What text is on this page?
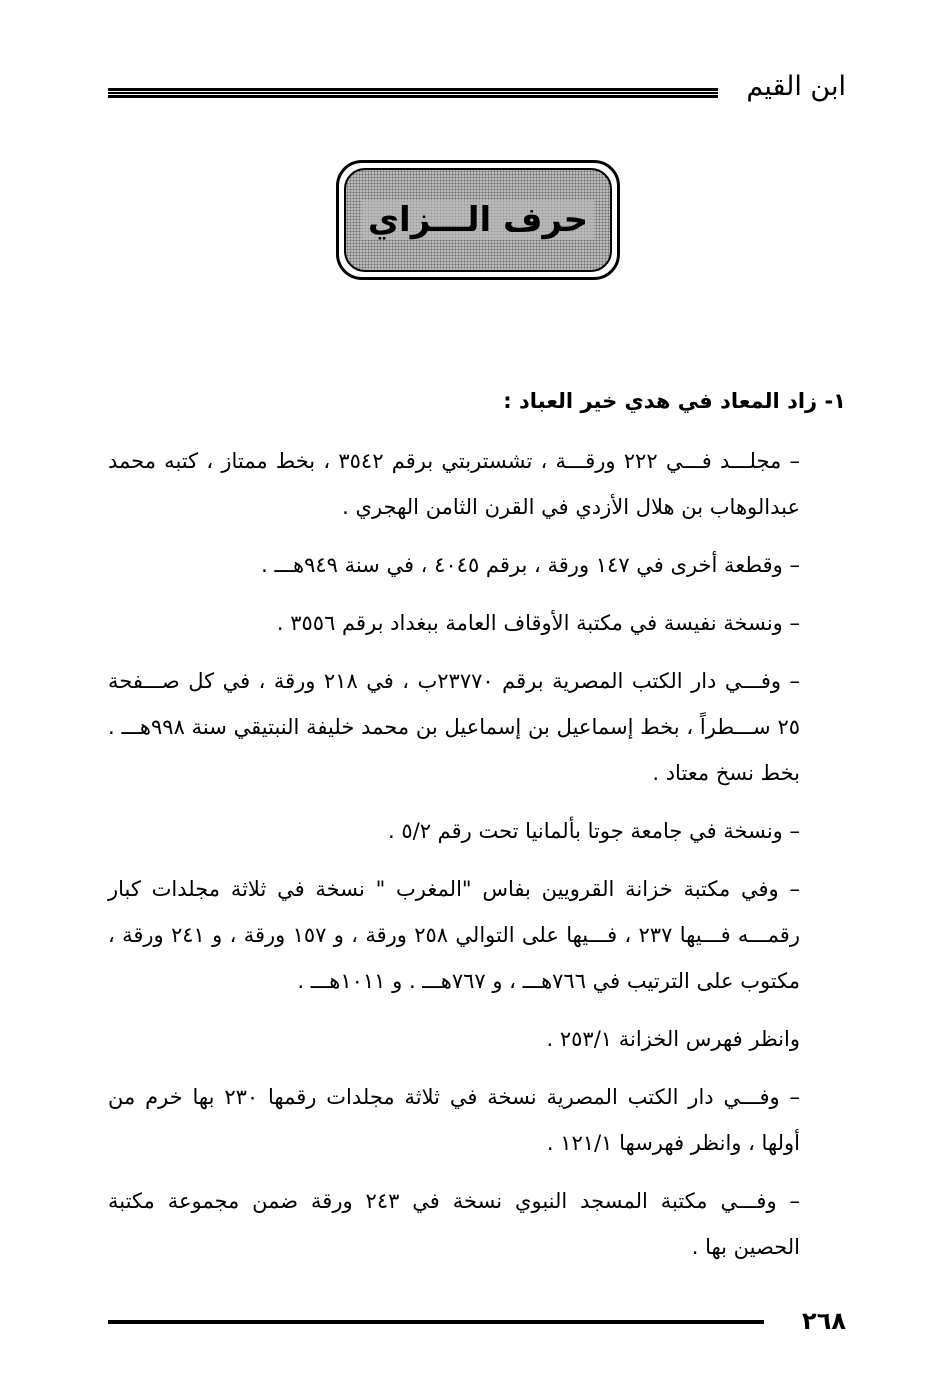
ابن القيم
حرف الـــزاي

١- زاد المعاد في هدي خير العباد :

– مجلـــد فـــي ٢٢٢ ورقـــة ، تشستربتي برقم ٣٥٤٢ ، بخط ممتاز ، كتبه محمد عبدالوهاب بن هلال الأزدي في القرن الثامن الهجري .

– وقطعة أخرى في ١٤٧ ورقة ، برقم ٤٠٤٥ ، في سنة ٩٤٩هـــ .

– ونسخة نفيسة في مكتبة الأوقاف العامة ببغداد برقم ٣٥٥٦ .

– وفـــي دار الكتب المصرية برقم ٢٣٧٧٠ب ، في ٢١٨ ورقة ، في كل صـــفحة ٢٥ ســـطراً ، بخط إسماعيل بن إسماعيل بن محمد خليفة النبتيقي سنة ٩٩٨هـــ . بخط نسخ معتاد .

– ونسخة في جامعة جوتا بألمانيا تحت رقم ٥/٢ .

– وفي مكتبة خزانة القرويين بفاس "المغرب " نسخة في ثلاثة مجلدات كبار رقمـــه فـــيها ٢٣٧ ، فـــيها على التوالي ٢٥٨ ورقة ، و ١٥٧ ورقة ، و ٢٤١ ورقة ، مكتوب على الترتيب في ٧٦٦هـــ ، و ٧٦٧هـــ . و ١٠١١هـــ .

وانظر فهرس الخزانة ٢٥٣/١ .

– وفـــي دار الكتب المصرية نسخة في ثلاثة مجلدات رقمها ٢٣٠ بها خرم من أولها ، وانظر فهرسها ١٢١/١ .

– وفـــي مكتبة المسجد النبوي نسخة في ٢٤٣ ورقة ضمن مجموعة مكتبة الحصين بها .

٢٦٨
